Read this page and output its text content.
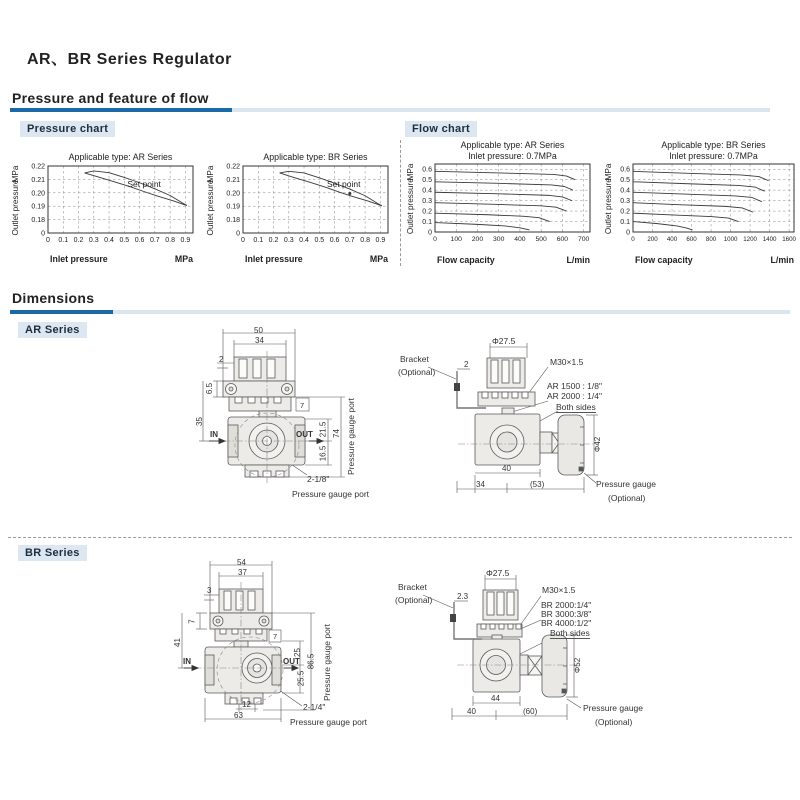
AR、BR Series Regulator
Pressure and feature of flow
Pressure chart	Flow chart
0 0.1 0.2 0.3 0.4 0.5 0.6 0.7 0.8 0.9
0.22
0.21
0.20
0.19
0.18
0
Applicable type: AR Series
Inlet pressure	MPa
Outlet pressure
MPa
Set point
0 0.1 0.2 0.3 0.4 0.5 0.6 0.7 0.8 0.9
0.22
0.21
0.20
0.19
0.18
0
Applicable type: BR Series
Inlet pressure	MPa
Outlet pressure
MPa
Set point
0 100 200 300 400 500 600 700
0.6
0.5
0.4
0.3
0.2
0.1
0
Applicable type: AR Series
Inlet pressure: 0.7MPa
Flow capacity	L/min
Outlet pressure
MPa
0 200 400 600 800 1000 1200 1400 1600
0.6
0.5
0.4
0.3
0.2
0.1
0
Applicable type: BR Series
Inlet pressure: 0.7MPa
Flow capacity	L/min
Outlet pressure
MPa
Dimensions
AR Series	50
34
2
6.5
35
7
21.5
16.5
74 Pressure gauge port
IN	OUT
2-1/8"
Pressure gauge port
Bracket
(Optional)
2
Φ27.5
M30×1.5
AR 1500 : 1/8"
AR 2000 : 1/4"
Both sides
Φ42
40
34	(53)	Pressure gauge
(Optional)
BR Series
54
37
3
7
41
7
25
25.5
86.5 Pressure gauge port
IN	OUT
12
63
2-1/4"
Pressure gauge port
Bracket
(Optional)	2.3
Φ27.5
M30×1.5
BR 2000:1/4"
BR 3000:3/8"
BR 4000:1/2"
Both sides
Φ52
44
40	(60)	Pressure gauge
(Optional)
